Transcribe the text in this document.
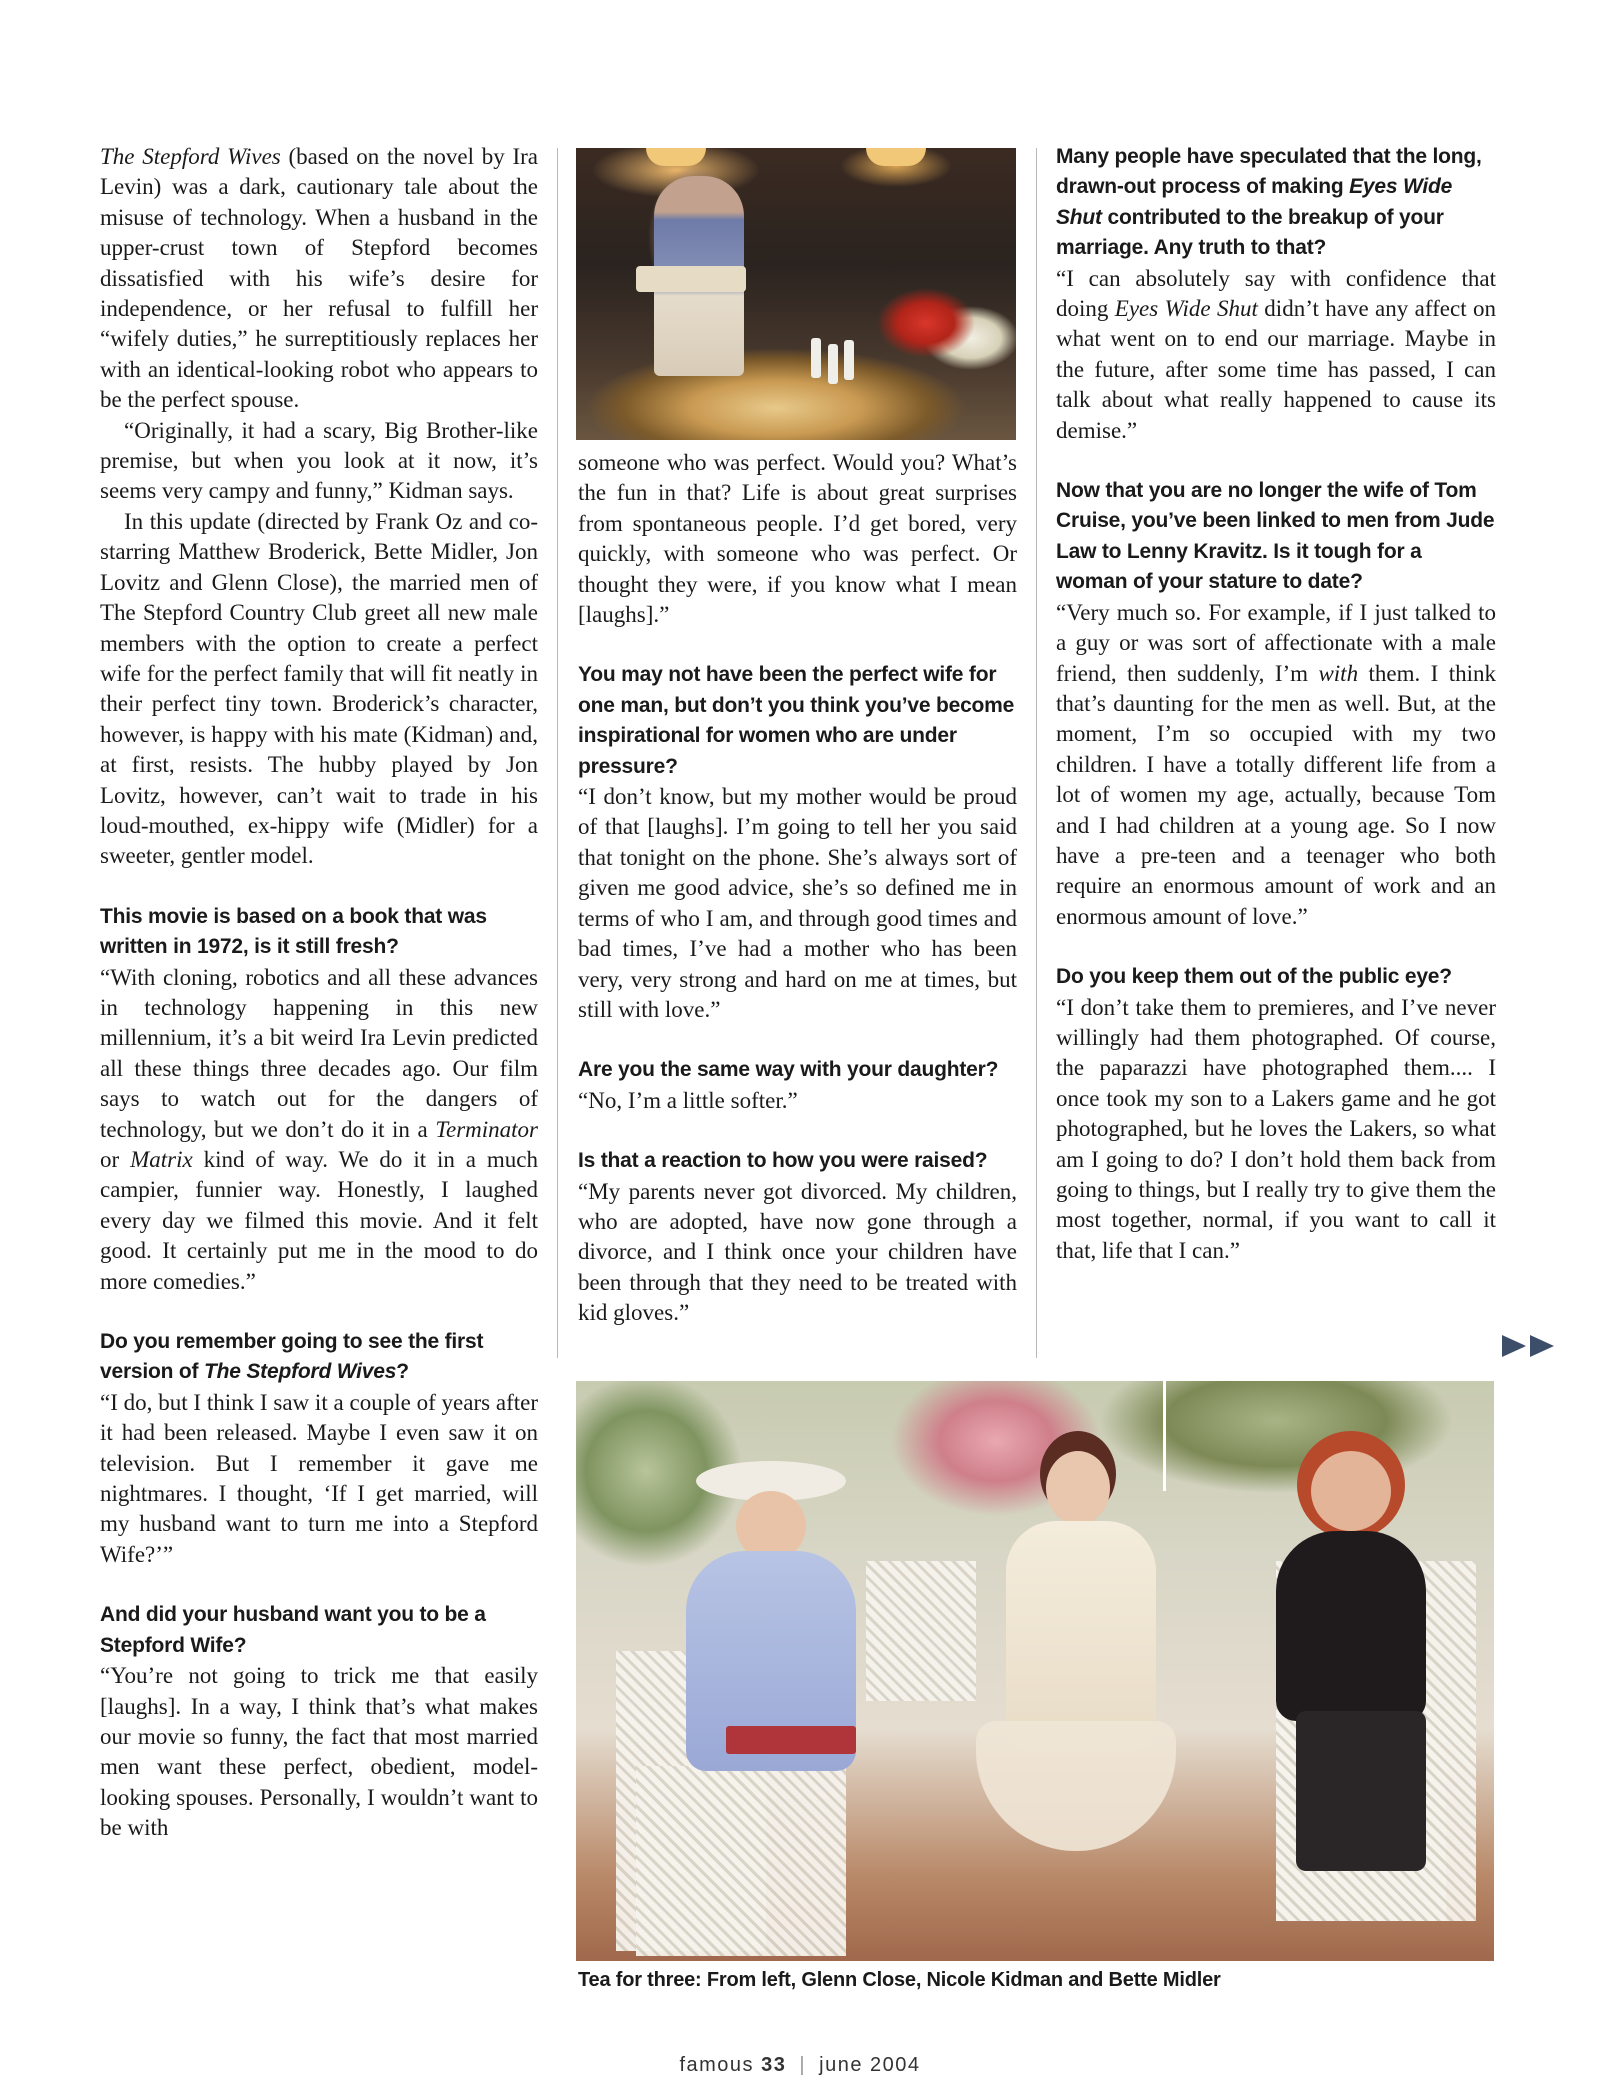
The Stepford Wives (based on the novel by Ira Levin) was a dark, cautionary tale about the misuse of technology. When a husband in the upper-crust town of Stepford becomes dissatisfied with his wife’s desire for independence, or her refusal to fulfill her “wifely duties,” he surreptitiously replaces her with an identical-looking robot who appears to be the perfect spouse.

“Originally, it had a scary, Big Brother-like premise, but when you look at it now, it’s seems very campy and funny,” Kidman says.

In this update (directed by Frank Oz and co-starring Matthew Broderick, Bette Midler, Jon Lovitz and Glenn Close), the married men of The Stepford Country Club greet all new male members with the option to create a perfect wife for the perfect family that will fit neatly in their perfect tiny town. Broderick’s character, however, is happy with his mate (Kidman) and, at first, resists. The hubby played by Jon Lovitz, however, can’t wait to trade in his loud-mouthed, ex-hippy wife (Midler) for a sweeter, gentler model.

This movie is based on a book that was written in 1972, is it still fresh?

“With cloning, robotics and all these advances in technology happening in this new millennium, it’s a bit weird Ira Levin predicted all these things three decades ago. Our film says to watch out for the dangers of technology, but we don’t do it in a Terminator or Matrix kind of way. We do it in a much campier, funnier way. Honestly, I laughed every day we filmed this movie. And it felt good. It certainly put me in the mood to do more comedies.”

Do you remember going to see the first version of The Stepford Wives?

“I do, but I think I saw it a couple of years after it had been released. Maybe I even saw it on television. But I remember it gave me nightmares. I thought, ‘If I get married, will my husband want to turn me into a Stepford Wife?’”

And did your husband want you to be a Stepford Wife?

“You’re not going to trick me that easily [laughs]. In a way, I think that’s what makes our movie so funny, the fact that most married men want these perfect, obedient, model-looking spouses. Personally, I wouldn’t want to be with

someone who was perfect. Would you? What’s the fun in that? Life is about great surprises from spontaneous people. I’d get bored, very quickly, with someone who was perfect. Or thought they were, if you know what I mean [laughs].”

You may not have been the perfect wife for one man, but don’t you think you’ve become inspirational for women who are under pressure?

“I don’t know, but my mother would be proud of that [laughs]. I’m going to tell her you said that tonight on the phone. She’s always sort of given me good advice, she’s so defined me in terms of who I am, and through good times and bad times, I’ve had a mother who has been very, very strong and hard on me at times, but still with love.”

Are you the same way with your daughter?

“No, I’m a little softer.”

Is that a reaction to how you were raised?

“My parents never got divorced. My children, who are adopted, have now gone through a divorce, and I think once your children have been through that they need to be treated with kid gloves.”

Many people have speculated that the long, drawn-out process of making Eyes Wide Shut contributed to the breakup of your marriage. Any truth to that?

“I can absolutely say with confidence that doing Eyes Wide Shut didn’t have any affect on what went on to end our marriage. Maybe in the future, after some time has passed, I can talk about what really happened to cause its demise.”

Now that you are no longer the wife of Tom Cruise, you’ve been linked to men from Jude Law to Lenny Kravitz. Is it tough for a woman of your stature to date?

“Very much so. For example, if I just talked to a guy or was sort of affectionate with a male friend, then suddenly, I’m with them. I think that’s daunting for the men as well. But, at the moment, I’m so occupied with my two children. I have a totally different life from a lot of women my age, actually, because Tom and I had children at a young age. So I now have a pre-teen and a teenager who both require an enormous amount of work and an enormous amount of love.”

Do you keep them out of the public eye?

“I don’t take them to premieres, and I’ve never willingly had them photographed. Of course, the paparazzi have photographed them.... I once took my son to a Lakers game and he got photographed, but he loves the Lakers, so what am I going to do? I don’t hold them back from going to things, but I really try to give them the most together, normal, if you want to call it that, life that I can.”

Tea for three: From left, Glenn Close, Nicole Kidman and Bette Midler
famous 33 | june 2004
